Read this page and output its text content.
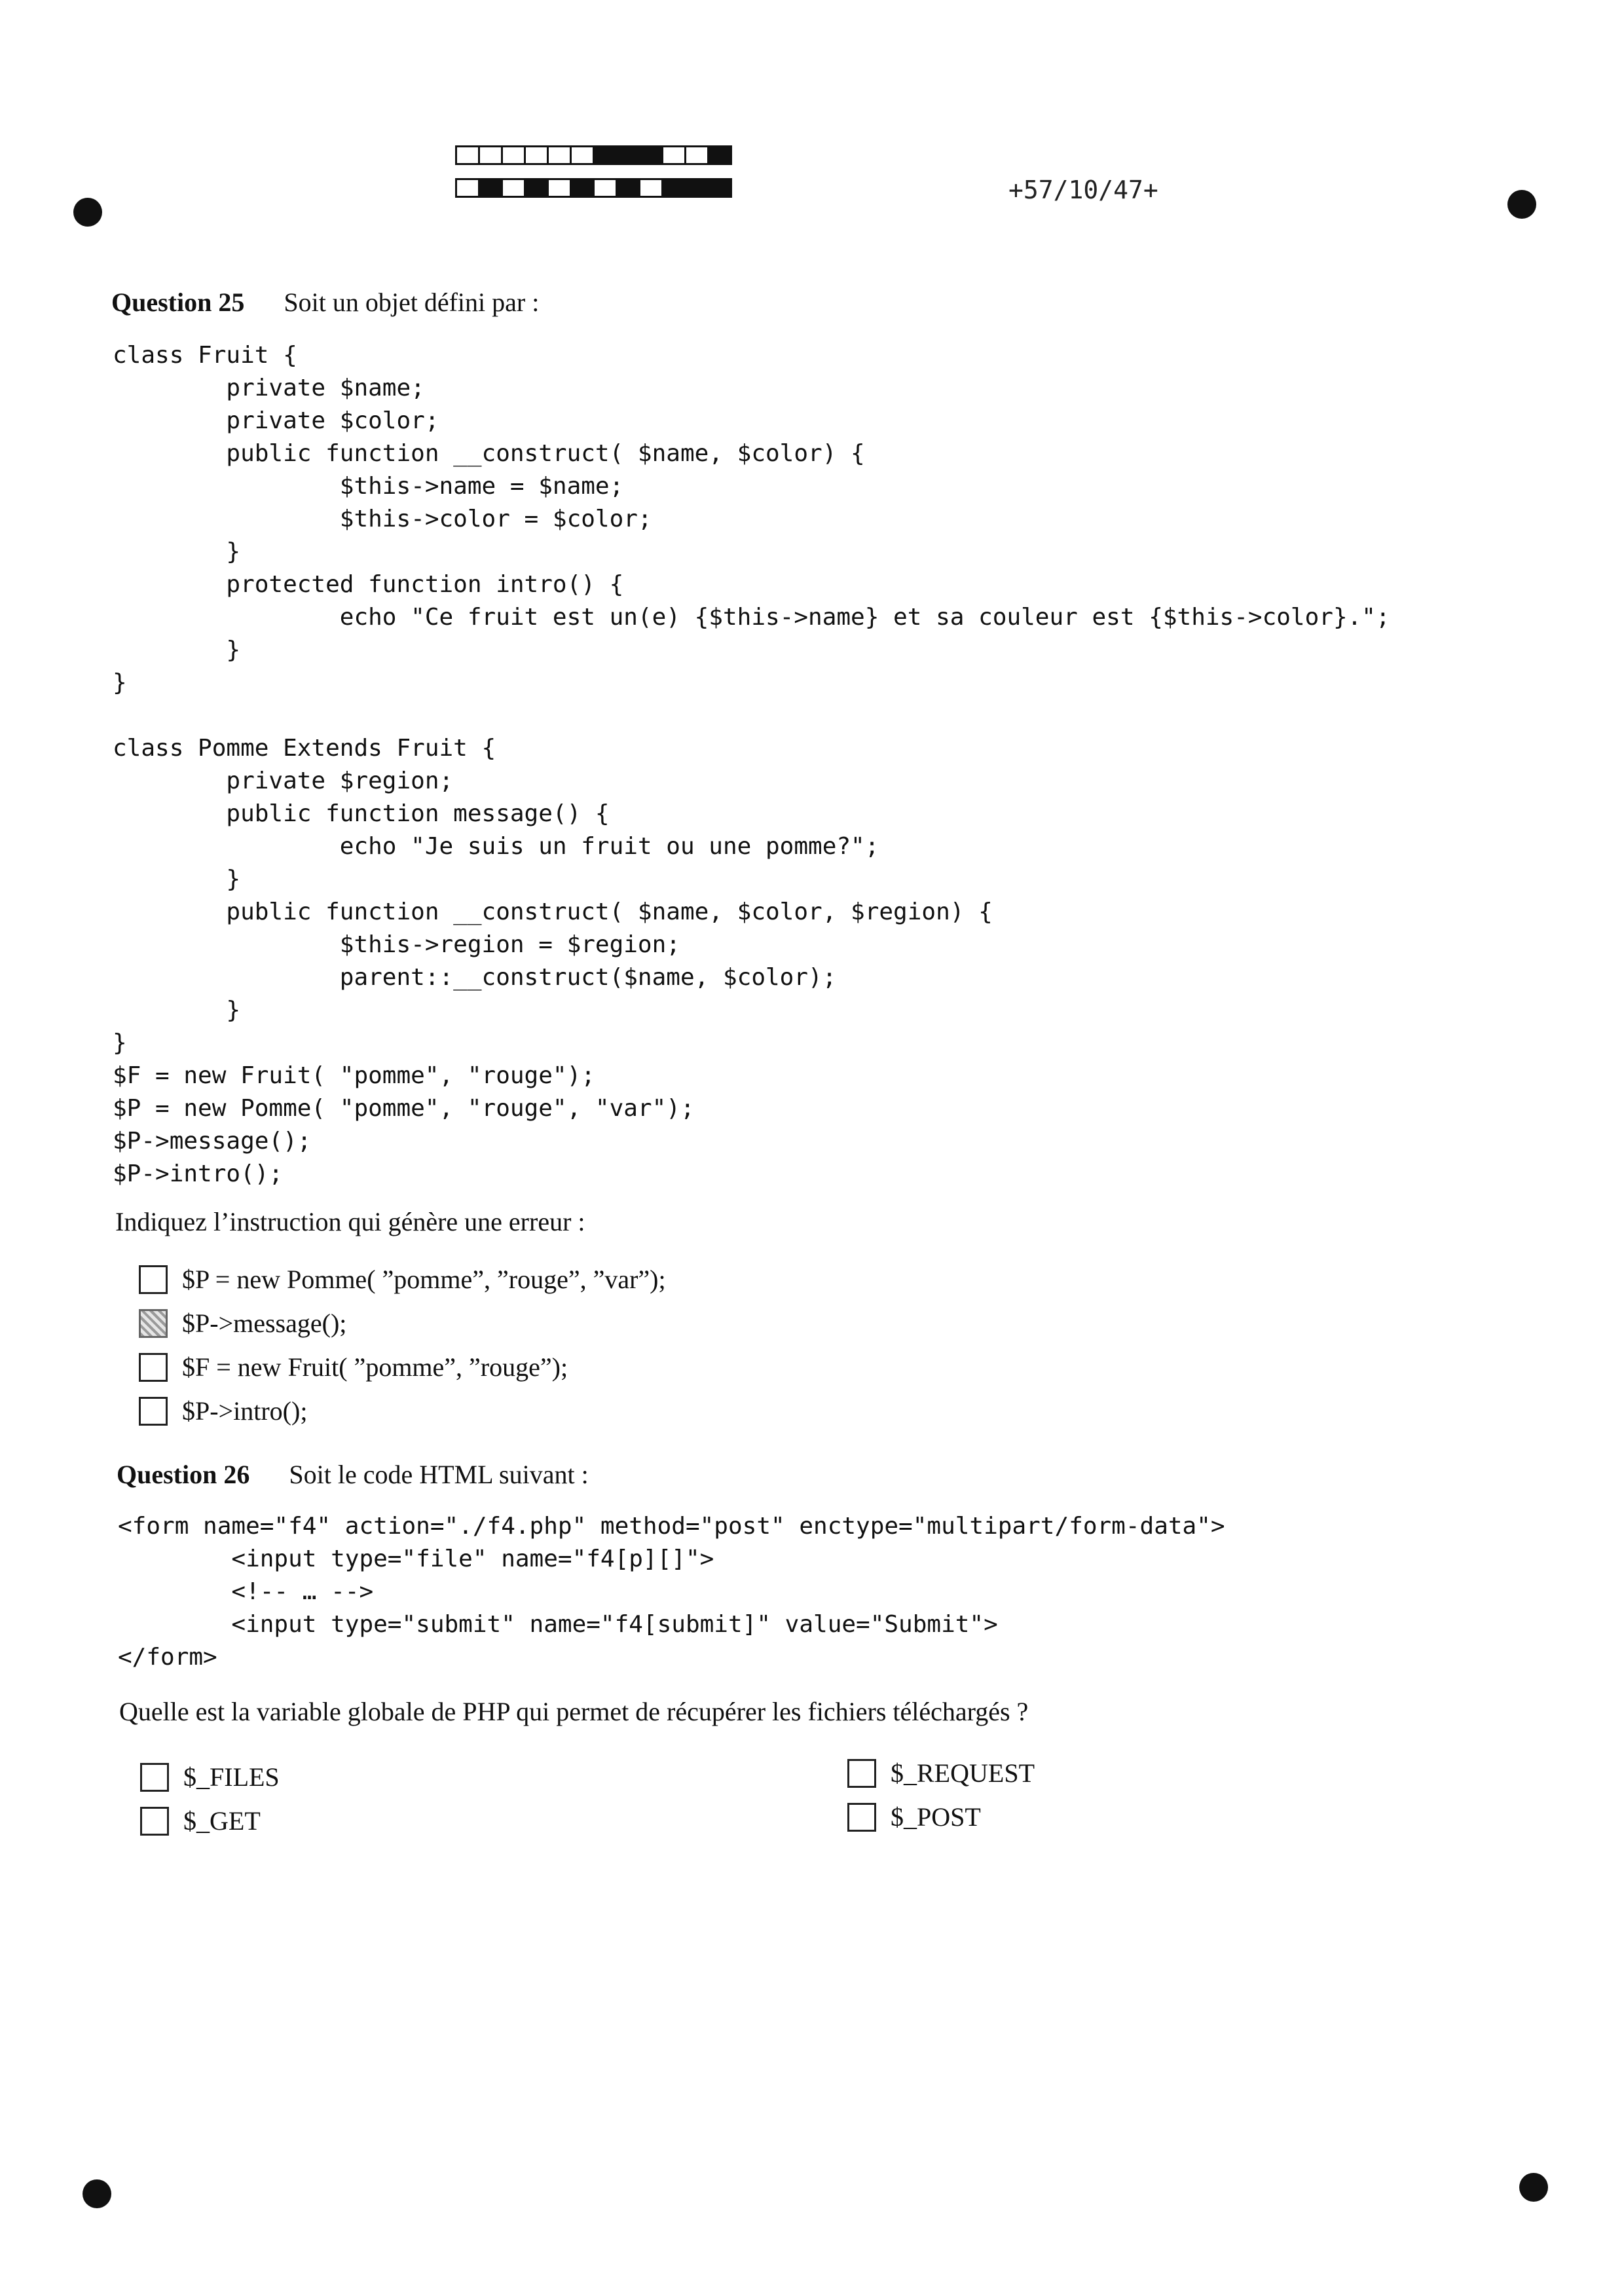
+57/10/47+
Question 25 Soit un objet défini par :
class Fruit {
private $name;
private $color;
public function __construct( $name, $color) {
$this->name = $name;
$this->color = $color;
}
protected function intro() {
echo "Ce fruit est un(e) {$this->name} et sa couleur est {$this->color}.";
}
}

class Pomme Extends Fruit {
private $region;
public function message() {
echo "Je suis un fruit ou une pomme?";
}
public function __construct( $name, $color, $region) {
$this->region = $region;
parent::__construct($name, $color);
}
}
$F = new Fruit( "pomme", "rouge");
$P = new Pomme( "pomme", "rouge", "var");
$P->message();
$P->intro();
Indiquez l’instruction qui génère une erreur :
$P = new Pomme( ”pomme”, ”rouge”, ”var”);
$P->message();
$F = new Fruit( ”pomme”, ”rouge”);
$P->intro();
Question 26 Soit le code HTML suivant :
<form name="f4" action="./f4.php" method="post" enctype="multipart/form-data">
<input type="file" name="f4[p][]">
<!-- … -->
<input type="submit" name="f4[submit]" value="Submit">
</form>
Quelle est la variable globale de PHP qui permet de récupérer les fichiers téléchargés ?
$_FILES
$_GET
$_REQUEST
$_POST
